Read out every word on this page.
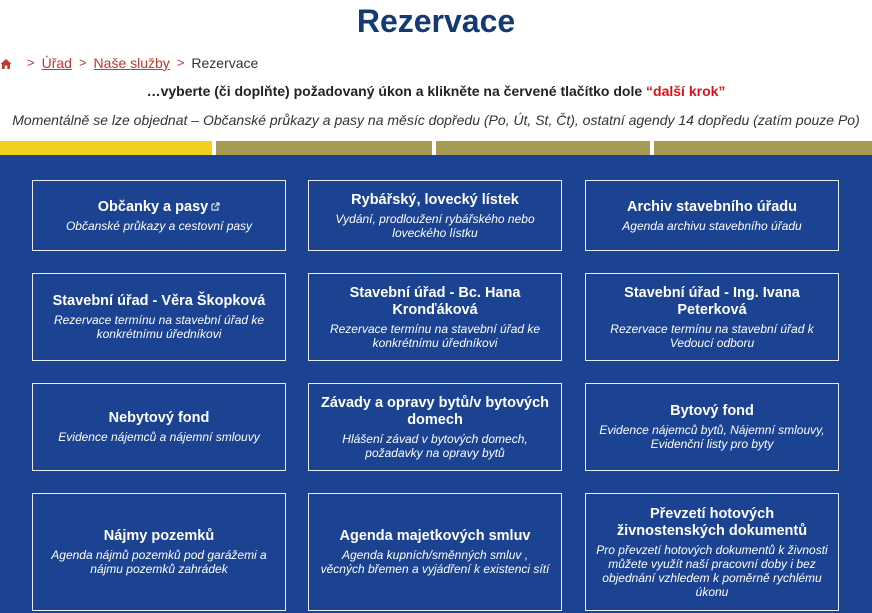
Rezervace
> Úřad > Naše služby > Rezervace
…vyberte (či doplňte) požadovaný úkon a klikněte na červené tlačítko dole “další krok”
Momentálně se lze objednat – Občanské průkazy a pasy na měsíc dopředu (Po, Út, St, Čt), ostatní agendy 14 dopředu (zatím pouze Po)
Občanky a pasy
Občanské průkazy a cestovní pasy
Rybářský, lovecký lístek
Vydání, prodloužení rybářského nebo loveckého lístku
Archiv stavebního úřadu
Agenda archivu stavebního úřadu
Stavební úřad - Věra Škopková
Rezervace termínu na stavební úřad ke konkrétnímu úředníkovi
Stavební úřad - Bc. Hana Kronďáková
Rezervace termínu na stavební úřad ke konkrétnímu úředníkovi
Stavební úřad - Ing. Ivana Peterková
Rezervace termínu na stavební úřad k Vedoucí odboru
Nebytový fond
Evidence nájemců a nájemní smlouvy
Závady a opravy bytů/v bytových domech
Hlášení závad v bytových domech, požadavky na opravy bytů
Bytový fond
Evidence nájemců bytů, Nájemní smlouvy, Evidenční listy pro byty
Nájmy pozemků
Agenda nájmů pozemků pod garážemi a nájmu pozemků zahrádek
Agenda majetkových smluv
Agenda kupních/směnných smluv , věcných břemen a vyjádření k existenci sítí
Převzetí hotových živnostenských dokumentů
Pro převzetí hotových dokumentů k živnosti můžete využít naší pracovní doby i bez objednání vzhledem k poměrně rychlému úkonu
